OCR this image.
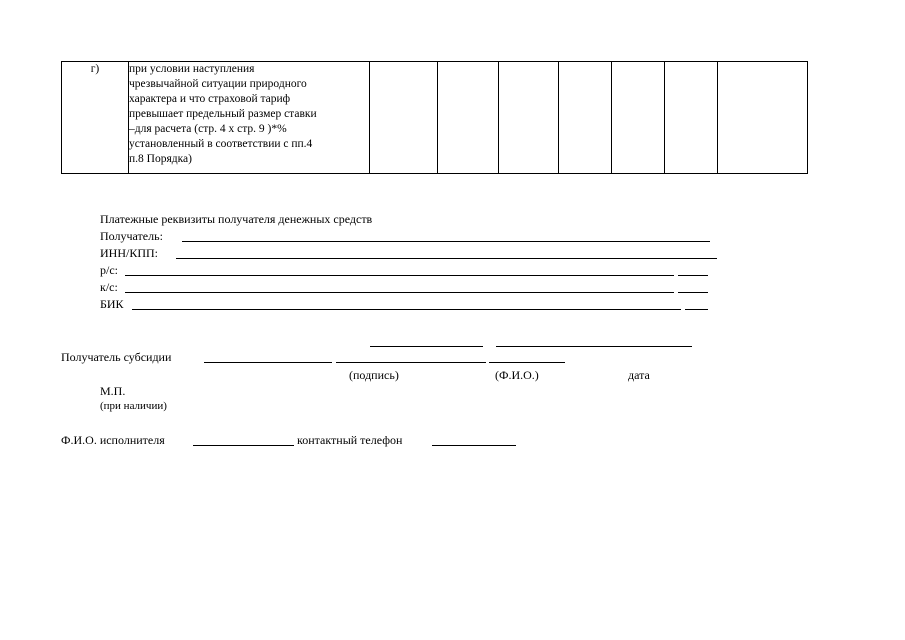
г)	при условии наступления
чрезвычайной ситуации природного
характера и что страховой тариф
превышает предельный размер ставки
–для расчета (стр. 4 х стр. 9 )*%
установленный в соответствии с пп.4
п.8 Порядка)

Платежные реквизиты получателя денежных средств
Получатель:
ИНН/КПП:
р/с:
к/с:
БИК
Получатель субсидии
(подпись)	(Ф.И.О.)	дата
М.П.
(при наличии)
Ф.И.О. исполнителя	контактный телефон
